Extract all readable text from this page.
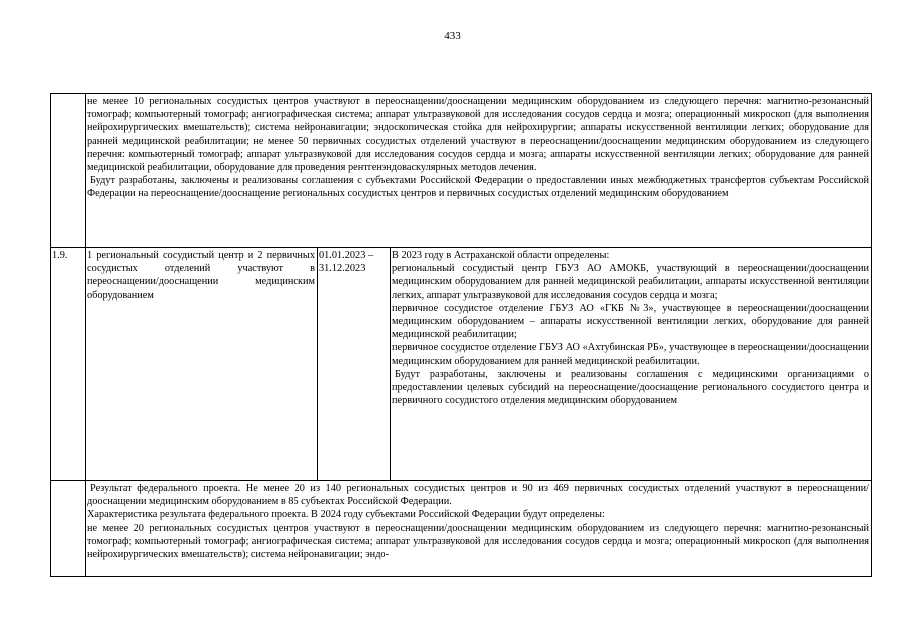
433

	не менее 10 региональных сосудистых центров участвуют в переоснащении/дооснащении медицинским оборудованием из следующего перечня: магнитно-резонансный томограф; компьютерный томограф; ангиографическая система; аппарат ультразвуковой для исследования сосудов сердца и мозга; операционный микроскоп (для выполнения нейрохирургических вмешательств); система нейронавигации; эндоскопическая стойка для нейрохирургии; аппараты искусственной вентиляции легких; оборудование для ранней медицинской реабилитации; не менее 50 первичных сосудистых отделений участвуют в переоснащении/дооснащении медицинским оборудованием из следующего перечня: компьютерный томограф; аппарат ультразвуковой для исследования сосудов сердца и мозга; аппараты искусственной вентиляции легких; оборудование для ранней медицинской реабилитации, оборудование для проведения рентгенэндоваскулярных методов лечения.
Будут разработаны, заключены и реализованы соглашения с субъектами Российской Федерации о предоставлении иных межбюджетных трансфертов субъектам Российской Федерации на переоснащение/дооснащение региональных сосудистых центров и первичных сосудистых отделений медицинским оборудованием		

1.9.	1 региональный сосудистый центр и 2 первичных сосудистых отделений участвуют в переоснащении/дооснащении медицинским оборудованием	01.01.2023 –
31.12.2023	В 2023 году в Астраханской области определены:
региональный сосудистый центр ГБУЗ АО АМОКБ, участвующий в переоснащении/дооснащении медицинским оборудованием для ранней медицинской реабилитации, аппараты искусственной вентиляции легких, аппарат ультразвуковой для исследования сосудов сердца и мозга;
первичное сосудистое отделение ГБУЗ АО «ГКБ №3», участвующее в переоснащении/дооснащении медицинским оборудованием – аппараты искусственной вентиляции легких, оборудование для ранней медицинской реабилитации;
первичное сосудистое отделение ГБУЗ АО «Ахтубинская РБ», участвующее в переоснащении/дооснащении медицинским оборудованием для ранней медицинской реабилитации.
Будут разработаны, заключены и реализованы соглашения с медицинскими организациями о предоставлении целевых субсидий на переоснащение/дооснащение регионального сосудистого центра и первичного сосудистого отделения медицинским оборудованием

	Результат федерального проекта. Не менее 20 из 140 региональных сосудистых центров и 90 из 469 первичных сосудистых отделений участвуют в переоснащении/дооснащении медицинским оборудованием в 85 субъектах Российской Федерации.
Характеристика результата федерального проекта. В 2024 году субъектами Российской Федерации будут определены:
не менее 20 региональных сосудистых центров участвуют в переоснащении/дооснащении медицинским оборудованием из следующего перечня: магнитно-резонансный томограф; компьютерный томограф; ангиографическая система; аппарат ультразвуковой для исследования сосудов сердца и мозга; операционный микроскоп (для выполнения нейрохирургических вмешательств); система нейронавигации; эндо-		
